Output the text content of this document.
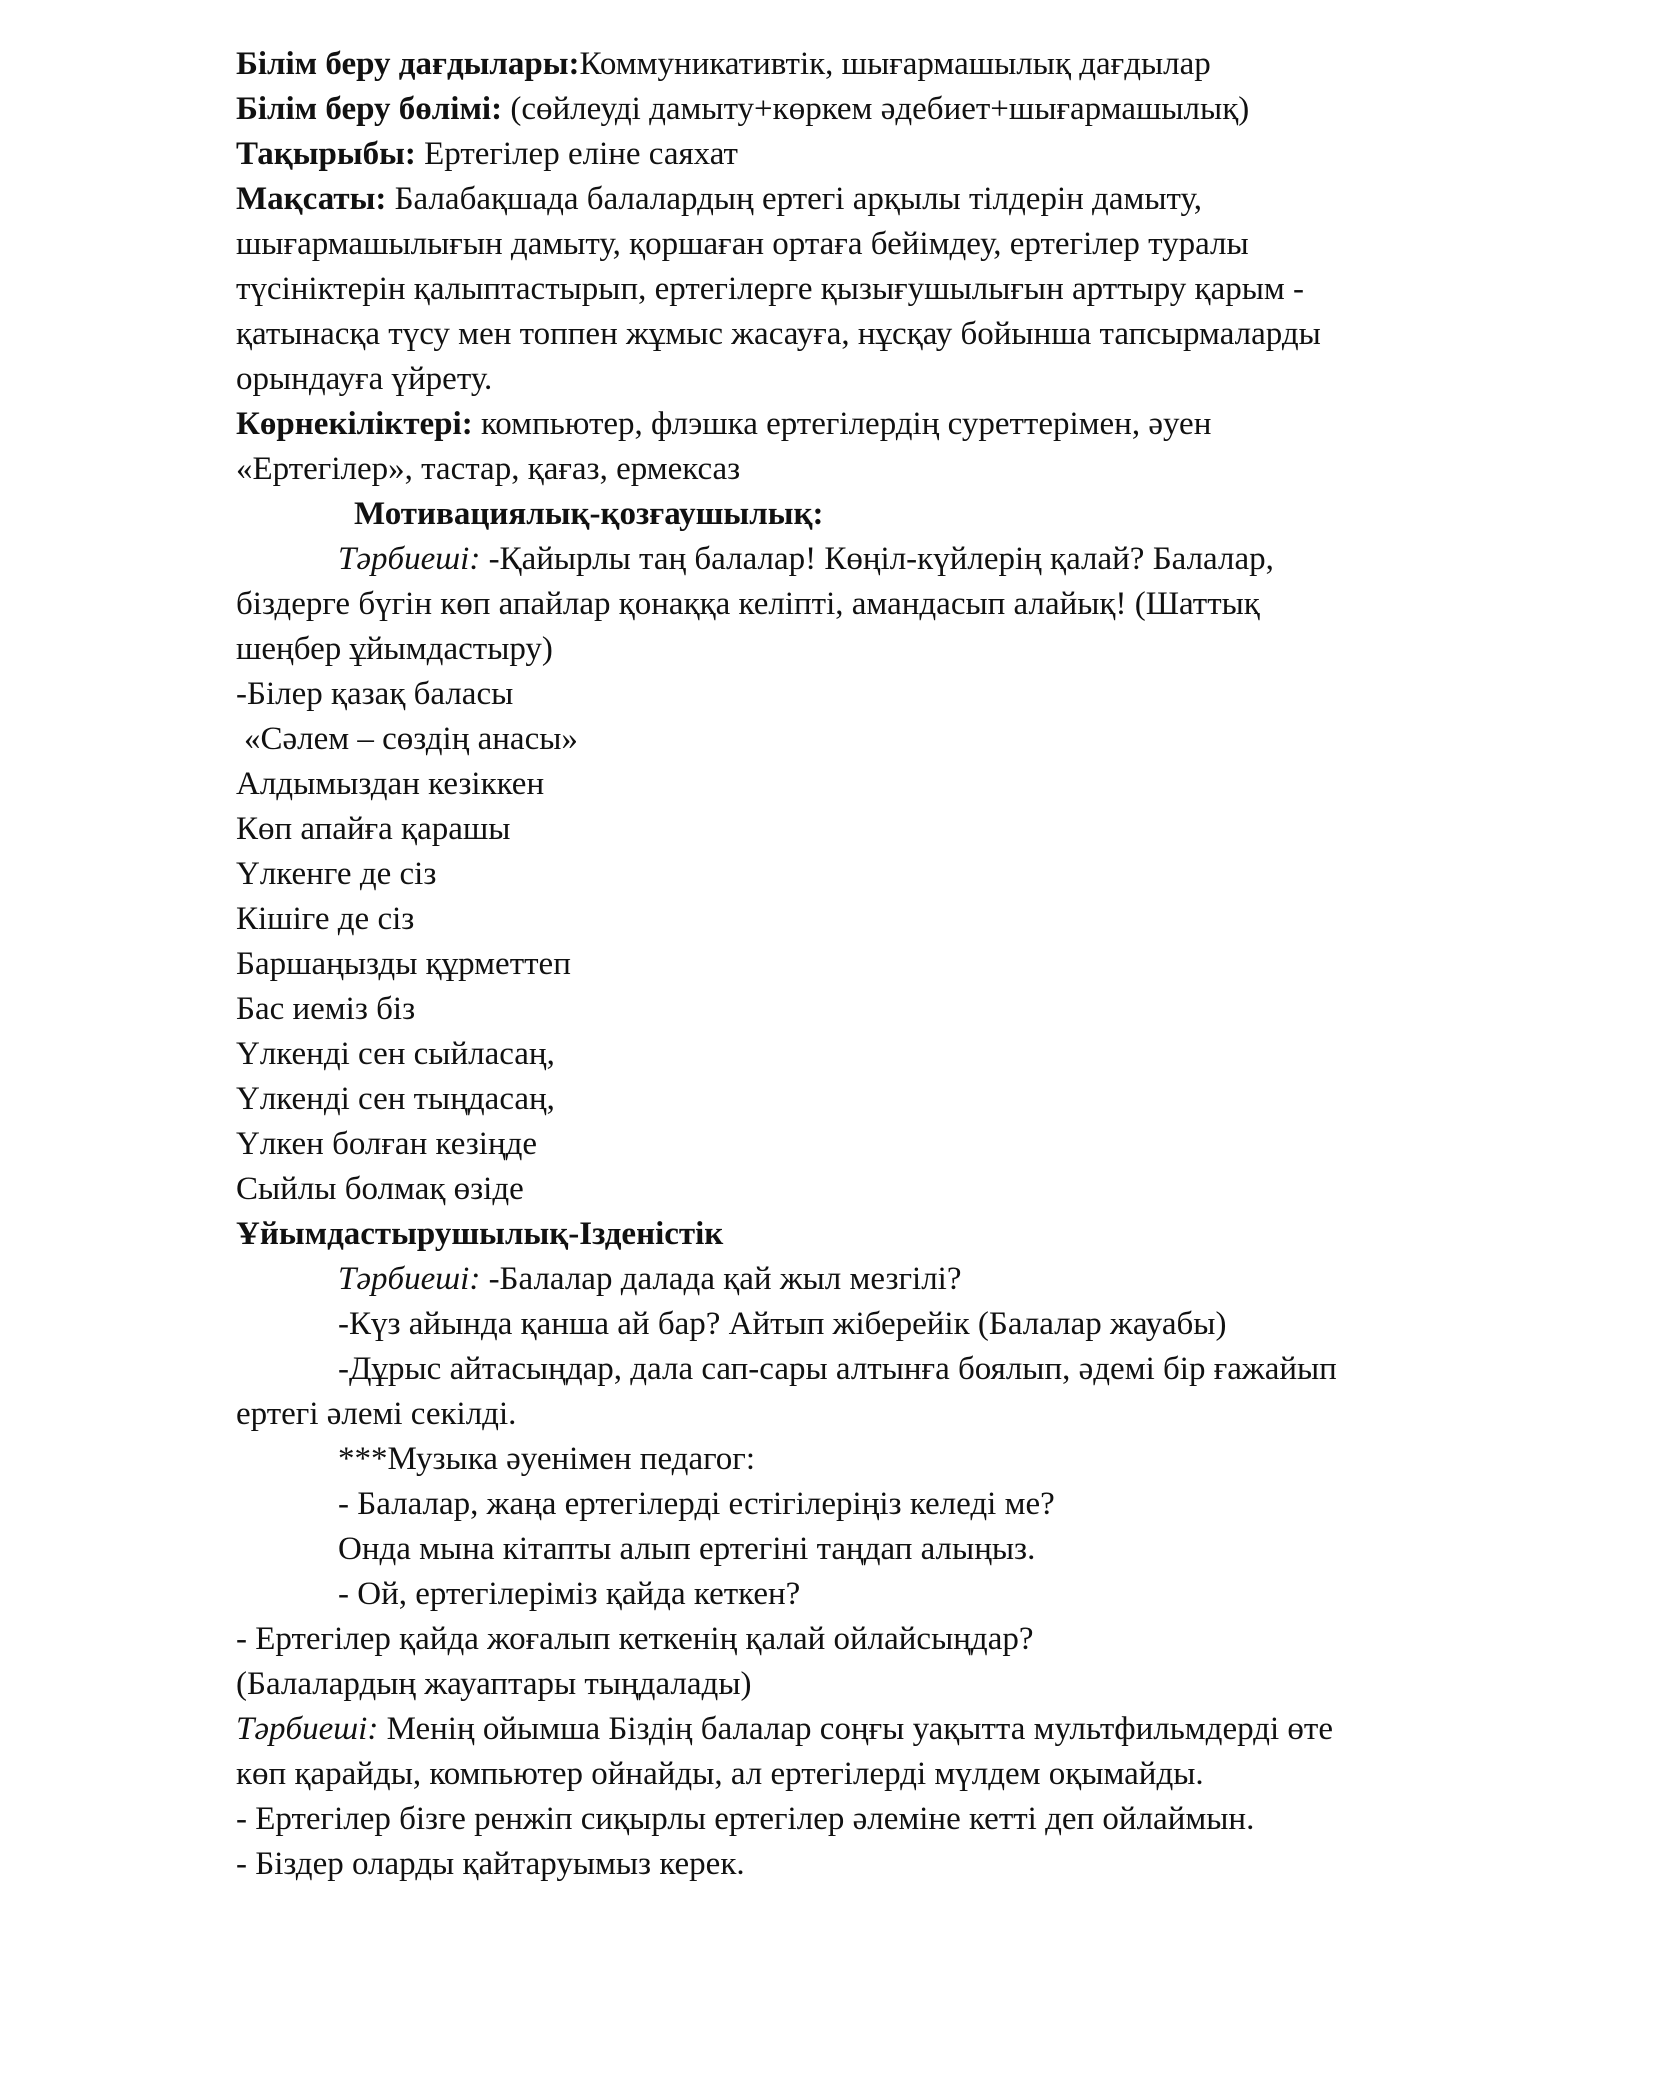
Білім беру дағдылары:Коммуникативтік, шығармашылық дағдылар
Білім беру бөлімі: (сөйлеуді дамыту+көркем әдебиет+шығармашылық)
Тақырыбы: Ертегілер еліне саяхат
Мақсаты: Балабақшада балалардың ертегі арқылы тілдерін дамыту,
шығармашылығын дамыту, қоршаған ортаға бейімдеу, ертегілер туралы
түсініктерін қалыптастырып, ертегілерге қызығушылығын арттыру қарым -
қатынасқа түсу мен топпен жұмыс жасауға, нұсқау бойынша тапсырмаларды
орындауға үйрету.
Көрнекіліктері: компьютер, флэшка ертегілердің суреттерімен, әуен
«Ертегілер», тастар, қағаз, ермексаз
Мотивациялық-қозғаушылық:
Тәрбиеші: -Қайырлы таң балалар! Көңіл-күйлерің қалай? Балалар,
біздерге бүгін көп апайлар қонаққа келіпті, амандасып алайық! (Шаттық
шеңбер ұйымдастыру)
-Білер қазақ баласы
«Сәлем – сөздің анасы»
Алдымыздан кезіккен
Көп апайға қарашы
Үлкенге де сіз
Кішіге де сіз
Баршаңызды құрметтеп
Бас иеміз біз
Үлкенді сен сыйласаң,
Үлкенді сен тыңдасаң,
Үлкен болған кезіңде
Сыйлы болмақ өзіде
Ұйымдастырушылық-Ізденістік
Тәрбиеші: -Балалар далада қай жыл мезгілі?
-Күз айында қанша ай бар? Айтып жіберейік (Балалар жауабы)
-Дұрыс айтасыңдар, дала сап-сары алтынға боялып, әдемі бір ғажайып
ертегі әлемі секілді.
***Музыка әуенімен педагог:
- Балалар, жаңа ертегілерді естігілеріңіз келеді ме?
Онда мына кітапты алып ертегіні таңдап алыңыз.
- Ой, ертегілеріміз қайда кеткен?
- Ертегілер қайда жоғалып кеткенің қалай ойлайсыңдар?
(Балалардың жауаптары тыңдалады)
Тәрбиеші: Менің ойымша Біздің балалар соңғы уақытта мультфильмдерді өте
көп қарайды, компьютер ойнайды, ал ертегілерді мүлдем оқымайды.
- Ертегілер бізге ренжіп сиқырлы ертегілер әлеміне кетті деп ойлаймын.
- Біздер оларды қайтаруымыз керек.
